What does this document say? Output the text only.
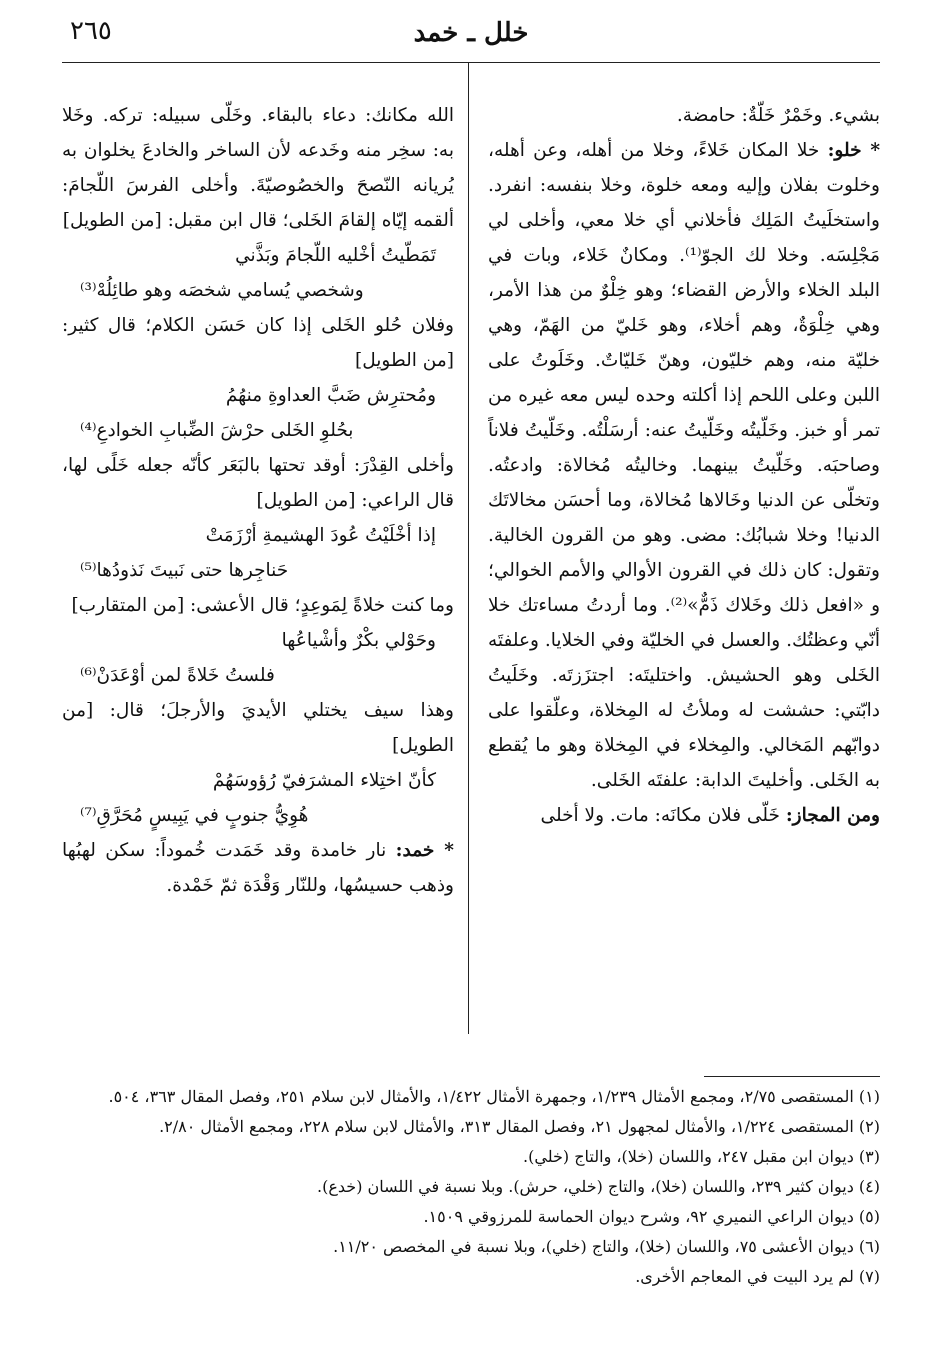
٢٦٥	خلل ـ خمد

بشيء. وخَمْرٌ خَلّةٌ: حامضة.

* خلو: خلا المكان خَلاءً، وخلا من أهله، وعن أهله، وخلوت بفلان وإليه ومعه خلوة، وخلا بنفسه: انفرد. واستخلَيتُ المَلِك فأخلاني أي خلا معي، وأخلى لي مَجْلِسَه. وخلا لك الجوّ⁽¹⁾. ومكانٌ خَلاء، وبات في البلد الخلاء والأرض القضاء؛ وهو خِلْوٌ من هذا الأمر، وهي خِلْوَةٌ، وهم أخلاء، وهو خَليّ من الهَمّ، وهي خليّة منه، وهم خليّون، وهنّ خَليّاتٌ. وخَلَوتُ على اللبن وعلى اللحم إذا أكلته وحده ليس معه غيره من تمر أو خبز. وخَلّيتُه وخَلّيتُ عنه: أرسَلْتُه. وخَلّيتُ فلاناً وصاحبَه. وخَلّيتُ بينهما. وخاليتُه مُخالاة: وادعتُه. وتخلّى عن الدنيا وخَالاها مُخالاة، وما أحسَن مخالاتَك الدنيا! وخلا شبابُك: مضى. وهو من القرون الخالية. وتقول: كان ذلك في القرون الأوالي والأمم الخوالي؛ و «افعل ذلك وخَلاك ذَمٌّ»⁽²⁾. وما أردتُ مساءتك خلا أنّي وعظتُك. والعسل في الخليّة وفي الخلايا. وعلفتَه الخَلى وهو الحشيش. واختليتَه: اجتزَزتَه. وخَلَيتُ دابّتي: حششت له وملأتُ له المِخلاة، وعلّقوا على دوابّهم المَخالي. والمِخلاء في المِخلاة وهو ما يُقطع به الخَلى. وأخليتَ الدابة: علفتَه الخَلى.

ومن المجاز: خَلّى فلان مكانَه: مات. ولا أخلى

الله مكانك: دعاء بالبقاء. وخَلّى سبيله: تركه. وخَلا به: سخِر منه وخَدعه لأن الساخر والخادعَ يخلوان به يُريانه النّصحَ والخصُوصيّةَ. وأخلى الفرسَ اللّجامَ: ألقمه إيّاه إلقامَ الخَلى؛ قال ابن مقبل: [من الطويل]

تَمَطّيتُ أخْليه اللّجامَ وبَذَّني
وشخصي يُسامي شخصَه وهو طائِلُهْ⁽³⁾

وفلان حُلو الخَلى إذا كان حَسَن الكلام؛ قال كثير: [من الطويل]

ومُحترِش ضَبَّ العداوةِ منهُمُ
بحُلوِ الخَلى حرْشَ الضِّبابِ الخوادعِ⁽⁴⁾

وأخلى القِدْرَ: أوقد تحتها بالبَعَر كأنّه جعله خَلًى لها، قال الراعي: [من الطويل]

إذا أخْلَيْتُ عُودَ الهشيمةِ أرْزَمَتْ
حَناجِرها حتى نَبيتَ نَذودُها⁽⁵⁾

وما كنت خلاةً لِمَوعِدٍ؛ قال الأعشى: [من المتقارب]

وحَوْلي بكْرٌ وأشْياعُها
فلستُ خَلاةً لمن أوْعَدَنْ⁽⁶⁾

وهذا سيف يختلي الأيديَ والأرجلَ؛ قال: [من الطويل]

كأنّ اختِلاء المشرَفيّ رُؤوسَهُمْ
هُوِيُّ جنوبٍ في يَبِيسٍ مُحَرَّقِ⁽⁷⁾

* خمد: نار خامدة وقد خَمَدت خُموداً: سكن لهبُها وذهب حسيسُها، وللنّار وَقْدَة ثمّ خَمْدة.

(١) المستقصى ٢/٧٥، ومجمع الأمثال ١/٢٣٩، وجمهرة الأمثال ١/٤٢٢، والأمثال لابن سلام ٢٥١، وفصل المقال ٣٦٣، ٥٠٤.
(٢) المستقصى ١/٢٢٤، والأمثال لمجهول ٢١، وفصل المقال ٣١٣، والأمثال لابن سلام ٢٢٨، ومجمع الأمثال ٢/٨٠.
(٣) ديوان ابن مقبل ٢٤٧، واللسان (خلا)، والتاج (خلي).
(٤) ديوان كثير ٢٣٩، واللسان (خلا)، والتاج (خلي، حرش). وبلا نسبة في اللسان (خدع).
(٥) ديوان الراعي النميري ٩٢، وشرح ديوان الحماسة للمرزوقي ١٥٠٩.
(٦) ديوان الأعشى ٧٥، واللسان (خلا)، والتاج (خلي)، وبلا نسبة في المخصص ١١/٢٠.
(٧) لم يرد البيت في المعاجم الأخرى.
